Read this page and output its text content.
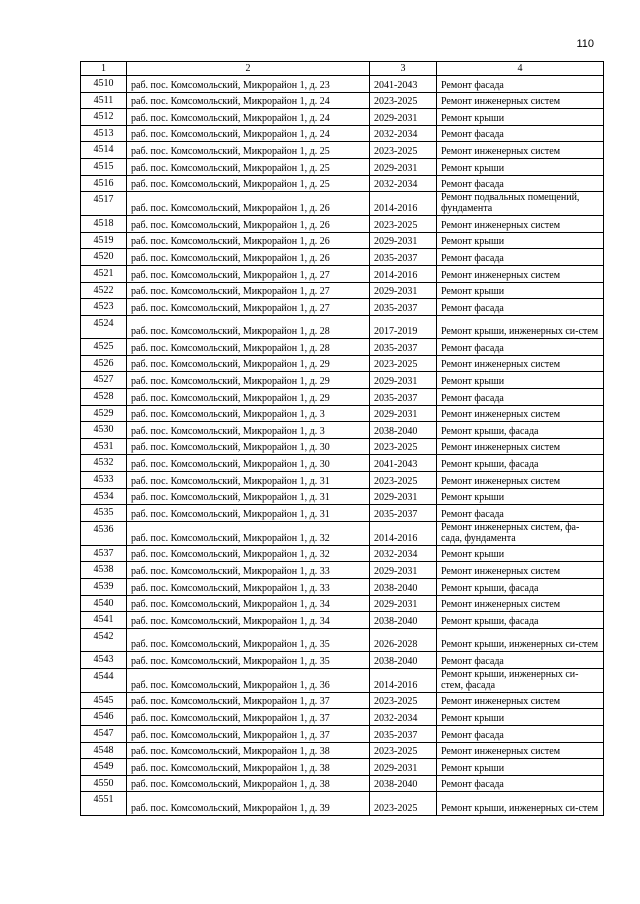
110
1	2	3	4
4510	раб. пос. Комсомольский, Микрорайон 1, д. 23	2041-2043	Ремонт фасада
4511	раб. пос. Комсомольский, Микрорайон 1, д. 24	2023-2025	Ремонт инженерных систем
4512	раб. пос. Комсомольский, Микрорайон 1, д. 24	2029-2031	Ремонт крыши
4513	раб. пос. Комсомольский, Микрорайон 1, д. 24	2032-2034	Ремонт фасада
4514	раб. пос. Комсомольский, Микрорайон 1, д. 25	2023-2025	Ремонт инженерных систем
4515	раб. пос. Комсомольский, Микрорайон 1, д. 25	2029-2031	Ремонт крыши
4516	раб. пос. Комсомольский, Микрорайон 1, д. 25	2032-2034	Ремонт фасада
4517	раб. пос. Комсомольский, Микрорайон 1, д. 26	2014-2016	Ремонт подвальных помещений, фундамента
4518	раб. пос. Комсомольский, Микрорайон 1, д. 26	2023-2025	Ремонт инженерных систем
4519	раб. пос. Комсомольский, Микрорайон 1, д. 26	2029-2031	Ремонт крыши
4520	раб. пос. Комсомольский, Микрорайон 1, д. 26	2035-2037	Ремонт фасада
4521	раб. пос. Комсомольский, Микрорайон 1, д. 27	2014-2016	Ремонт инженерных систем
4522	раб. пос. Комсомольский, Микрорайон 1, д. 27	2029-2031	Ремонт крыши
4523	раб. пос. Комсомольский, Микрорайон 1, д. 27	2035-2037	Ремонт фасада
4524	раб. пос. Комсомольский, Микрорайон 1, д. 28	2017-2019	Ремонт крыши, инженерных си-стем
4525	раб. пос. Комсомольский, Микрорайон 1, д. 28	2035-2037	Ремонт фасада
4526	раб. пос. Комсомольский, Микрорайон 1, д. 29	2023-2025	Ремонт инженерных систем
4527	раб. пос. Комсомольский, Микрорайон 1, д. 29	2029-2031	Ремонт крыши
4528	раб. пос. Комсомольский, Микрорайон 1, д. 29	2035-2037	Ремонт фасада
4529	раб. пос. Комсомольский, Микрорайон 1, д. 3	2029-2031	Ремонт инженерных систем
4530	раб. пос. Комсомольский, Микрорайон 1, д. 3	2038-2040	Ремонт крыши, фасада
4531	раб. пос. Комсомольский, Микрорайон 1, д. 30	2023-2025	Ремонт инженерных систем
4532	раб. пос. Комсомольский, Микрорайон 1, д. 30	2041-2043	Ремонт крыши, фасада
4533	раб. пос. Комсомольский, Микрорайон 1, д. 31	2023-2025	Ремонт инженерных систем
4534	раб. пос. Комсомольский, Микрорайон 1, д. 31	2029-2031	Ремонт крыши
4535	раб. пос. Комсомольский, Микрорайон 1, д. 31	2035-2037	Ремонт фасада
4536	раб. пос. Комсомольский, Микрорайон 1, д. 32	2014-2016	Ремонт инженерных систем, фа-сада, фундамента
4537	раб. пос. Комсомольский, Микрорайон 1, д. 32	2032-2034	Ремонт крыши
4538	раб. пос. Комсомольский, Микрорайон 1, д. 33	2029-2031	Ремонт инженерных систем
4539	раб. пос. Комсомольский, Микрорайон 1, д. 33	2038-2040	Ремонт крыши, фасада
4540	раб. пос. Комсомольский, Микрорайон 1, д. 34	2029-2031	Ремонт инженерных систем
4541	раб. пос. Комсомольский, Микрорайон 1, д. 34	2038-2040	Ремонт крыши, фасада
4542	раб. пос. Комсомольский, Микрорайон 1, д. 35	2026-2028	Ремонт крыши, инженерных си-стем
4543	раб. пос. Комсомольский, Микрорайон 1, д. 35	2038-2040	Ремонт фасада
4544	раб. пос. Комсомольский, Микрорайон 1, д. 36	2014-2016	Ремонт крыши, инженерных си-стем, фасада
4545	раб. пос. Комсомольский, Микрорайон 1, д. 37	2023-2025	Ремонт инженерных систем
4546	раб. пос. Комсомольский, Микрорайон 1, д. 37	2032-2034	Ремонт крыши
4547	раб. пос. Комсомольский, Микрорайон 1, д. 37	2035-2037	Ремонт фасада
4548	раб. пос. Комсомольский, Микрорайон 1, д. 38	2023-2025	Ремонт инженерных систем
4549	раб. пос. Комсомольский, Микрорайон 1, д. 38	2029-2031	Ремонт крыши
4550	раб. пос. Комсомольский, Микрорайон 1, д. 38	2038-2040	Ремонт фасада
4551	раб. пос. Комсомольский, Микрорайон 1, д. 39	2023-2025	Ремонт крыши, инженерных си-стем
